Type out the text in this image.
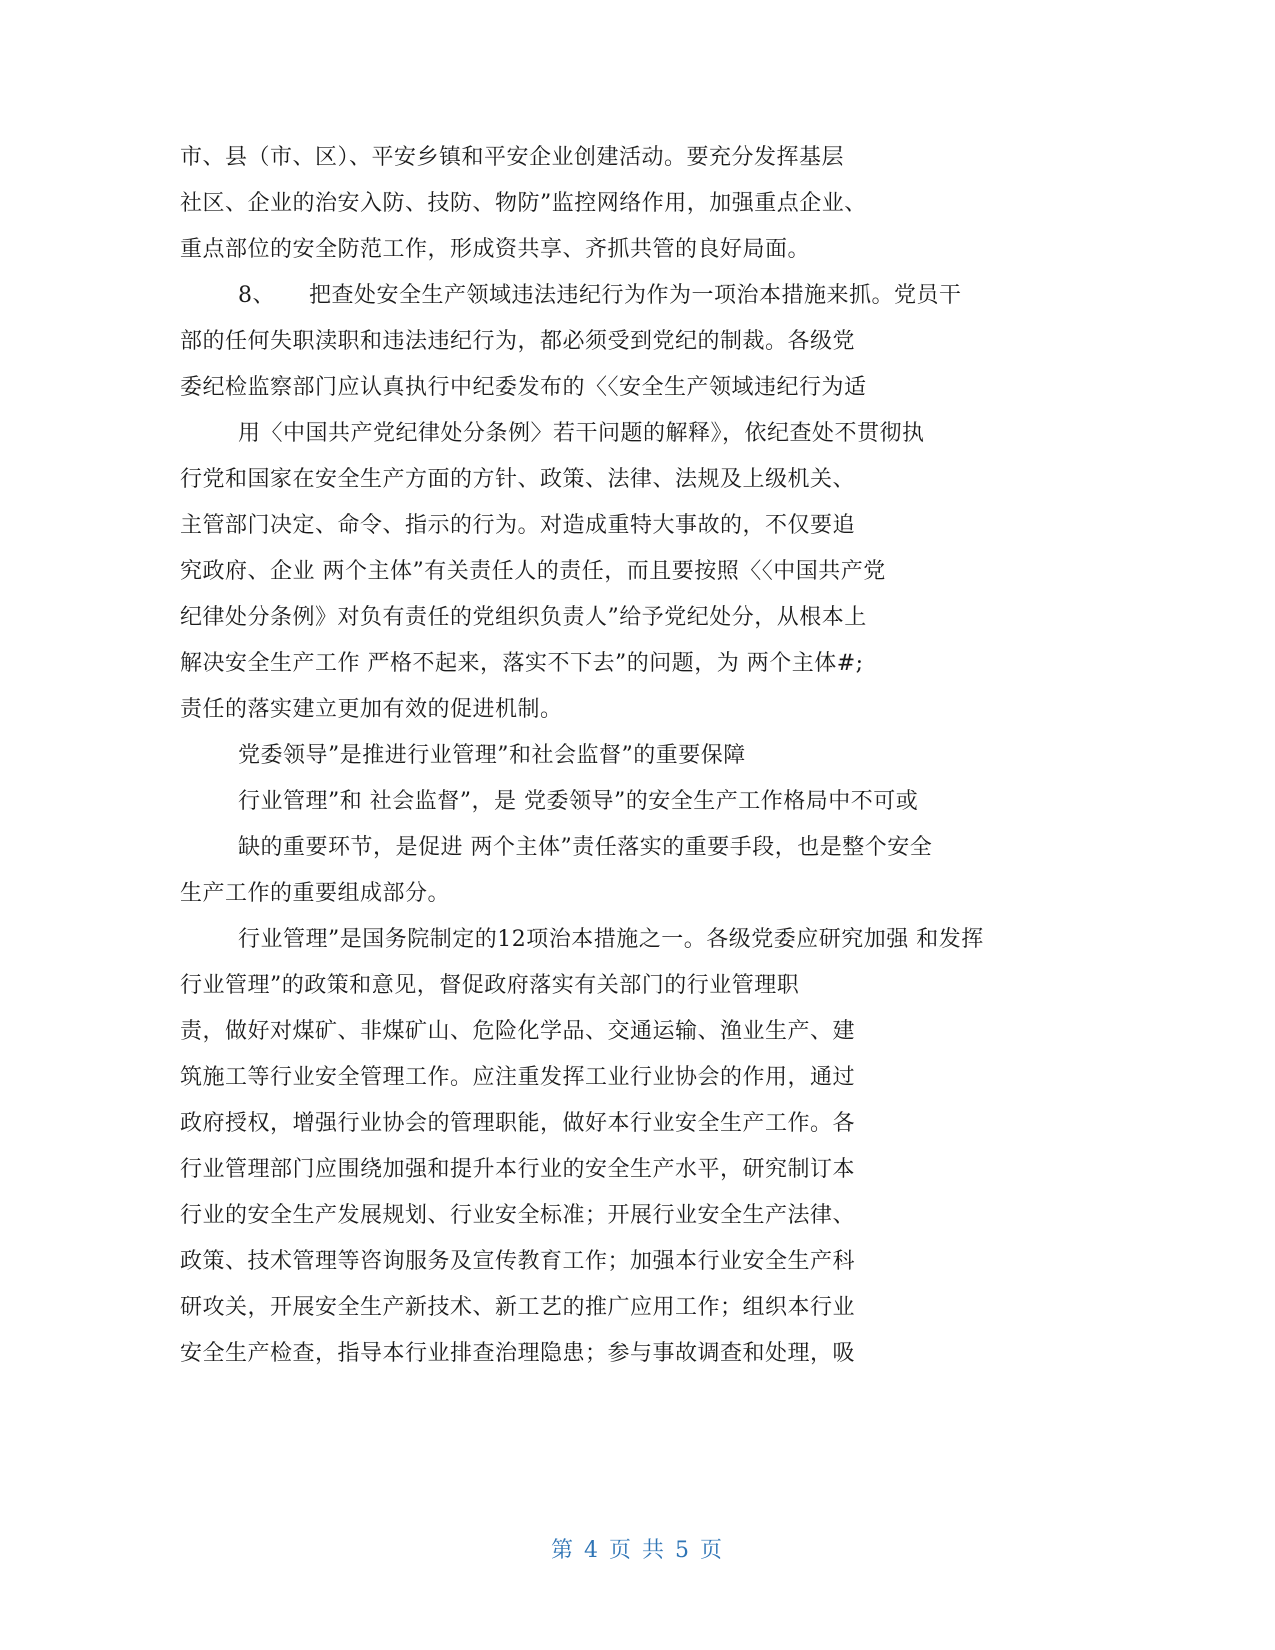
市、县（市、区）、平安乡镇和平安企业创建活动。要充分发挥基层
社区、企业的治安入防、技防、物防”监控网络作用，加强重点企业、
重点部位的安全防范工作，形成资共享、齐抓共管的良好局面。
8、　　把查处安全生产领域违法违纪行为作为一项治本措施来抓。党员干
部的任何失职渎职和违法违纪行为，都必须受到党纪的制裁。各级党
委纪检监察部门应认真执行中纪委发布的〈〈安全生产领域违纪行为适
用〈中国共产党纪律处分条例〉若干问题的解释》，依纪查处不贯彻执
行党和国家在安全生产方面的方针、政策、法律、法规及上级机关、
主管部门决定、命令、指示的行为。对造成重特大事故的，不仅要追
究政府、企业 两个主体”有关责任人的责任，而且要按照〈〈中国共产党
纪律处分条例》对负有责任的党组织负责人”给予党纪处分，从根本上
解决安全生产工作 严格不起来，落实不下去”的问题，为 两个主体#;
责任的落实建立更加有效的促进机制。
党委领导”是推进行业管理”和社会监督”的重要保障
行业管理”和 社会监督”，是 党委领导”的安全生产工作格局中不可或
缺的重要环节，是促进 两个主体”责任落实的重要手段，也是整个安全
生产工作的重要组成部分。
行业管理”是国务院制定的12项治本措施之一。各级党委应研究加强 和发挥
行业管理”的政策和意见，督促政府落实有关部门的行业管理职
责，做好对煤矿、非煤矿山、危险化学品、交通运输、渔业生产、建
筑施工等行业安全管理工作。应注重发挥工业行业协会的作用，通过
政府授权，增强行业协会的管理职能，做好本行业安全生产工作。各
行业管理部门应围绕加强和提升本行业的安全生产水平，研究制订本
行业的安全生产发展规划、行业安全标准；开展行业安全生产法律、
政策、技术管理等咨询服务及宣传教育工作；加强本行业安全生产科
研攻关，开展安全生产新技术、新工艺的推广应用工作；组织本行业
安全生产检查，指导本行业排查治理隐患；参与事故调查和处理，吸
第 4 页 共 5 页
